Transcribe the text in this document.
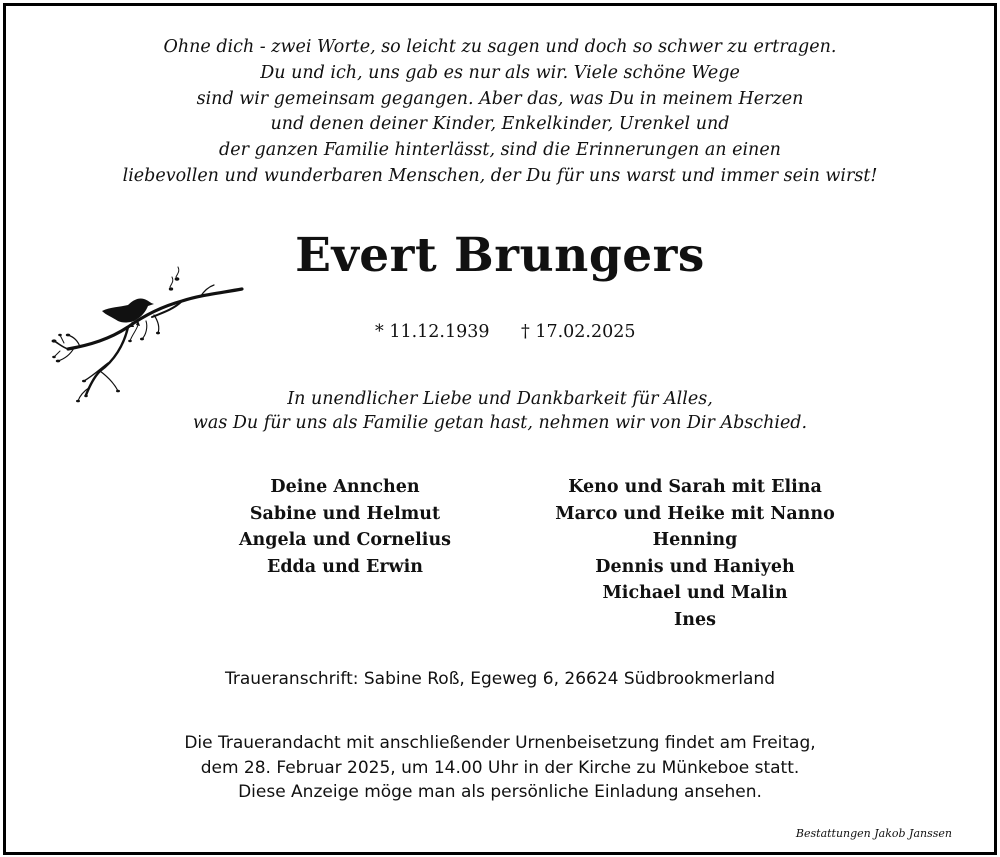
Ohne dich - zwei Worte, so leicht zu sagen und doch so schwer zu ertragen.
Du und ich, uns gab es nur als wir. Viele schöne Wege
sind wir gemeinsam gegangen. Aber das, was Du in meinem Herzen
und denen deiner Kinder, Enkelkinder, Urenkel und
der ganzen Familie hinterlässt, sind die Erinnerungen an einen
liebevollen und wunderbaren Menschen, der Du für uns warst und immer sein wirst!
Evert Brungers
* 11.12.1939 † 17.02.2025
In unendlicher Liebe und Dankbarkeit für Alles,
was Du für uns als Familie getan hast, nehmen wir von Dir Abschied.
Deine Annchen
Sabine und Helmut
Angela und Cornelius
Edda und Erwin
Keno und Sarah mit Elina
Marco und Heike mit Nanno
Henning
Dennis und Haniyeh
Michael und Malin
Ines
Traueranschrift: Sabine Roß, Egeweg 6, 26624 Südbrookmerland
Die Trauerandacht mit anschließender Urnenbeisetzung findet am Freitag,
dem 28. Februar 2025, um 14.00 Uhr in der Kirche zu Münkeboe statt.
Diese Anzeige möge man als persönliche Einladung ansehen.
Bestattungen Jakob Janssen
